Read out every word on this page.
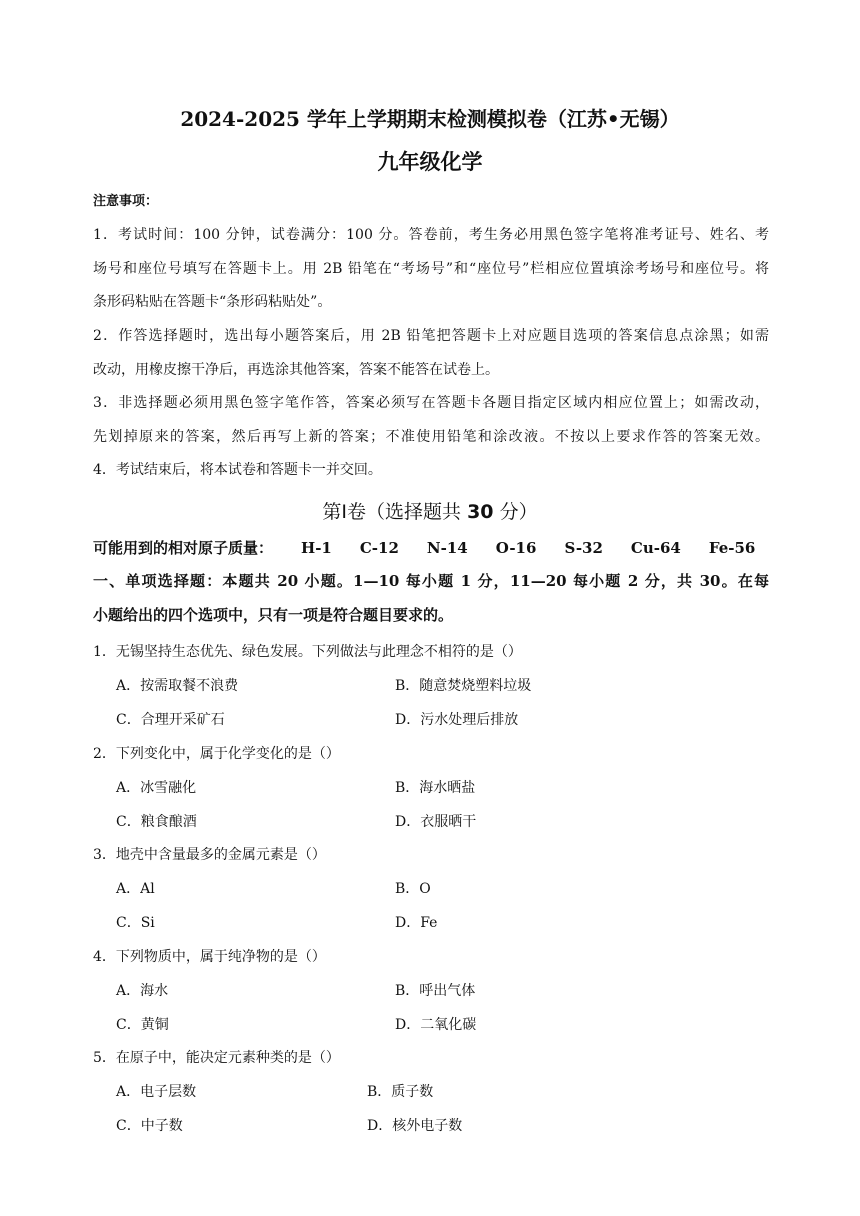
2024-2025 学年上学期期末检测模拟卷（江苏•无锡）
九年级化学
注意事项：
1．考试时间：100 分钟，试卷满分：100 分。答卷前，考生务必用黑色签字笔将准考证号、姓名、考
场号和座位号填写在答题卡上。用 2B 铅笔在“考场号”和“座位号”栏相应位置填涂考场号和座位号。将
条形码粘贴在答题卡“条形码粘贴处”。
2．作答选择题时，选出每小题答案后，用 2B 铅笔把答题卡上对应题目选项的答案信息点涂黑；如需
改动，用橡皮擦干净后，再选涂其他答案，答案不能答在试卷上。
3．非选择题必须用黑色签字笔作答，答案必须写在答题卡各题目指定区域内相应位置上；如需改动，
先划掉原来的答案，然后再写上新的答案；不准使用铅笔和涂改液。不按以上要求作答的答案无效。
4．考试结束后，将本试卷和答题卡一并交回。
第Ⅰ卷（选择题共 30 分）
可能用到的相对原子质量： H-1 C-12 N-14 O-16 S-32 Cu-64 Fe-56
一、单项选择题：本题共 20 小题。1—10 每小题 1 分，11—20 每小题 2 分，共 30。在每
小题给出的四个选项中，只有一项是符合题目要求的。
1．无锡坚持生态优先、绿色发展。下列做法与此理念不相符的是（）
A．按需取餐不浪费	B．随意焚烧塑料垃圾
C．合理开采矿石	D．污水处理后排放
2．下列变化中，属于化学变化的是（）
A．冰雪融化	B．海水晒盐
C．粮食酿酒	D．衣服晒干
3．地壳中含量最多的金属元素是（）
A．Al	B．O
C．Si	D．Fe
4．下列物质中，属于纯净物的是（）
A．海水	B．呼出气体
C．黄铜	D．二氧化碳
5．在原子中，能决定元素种类的是（）
A．电子层数	B．质子数
C．中子数	D．核外电子数
